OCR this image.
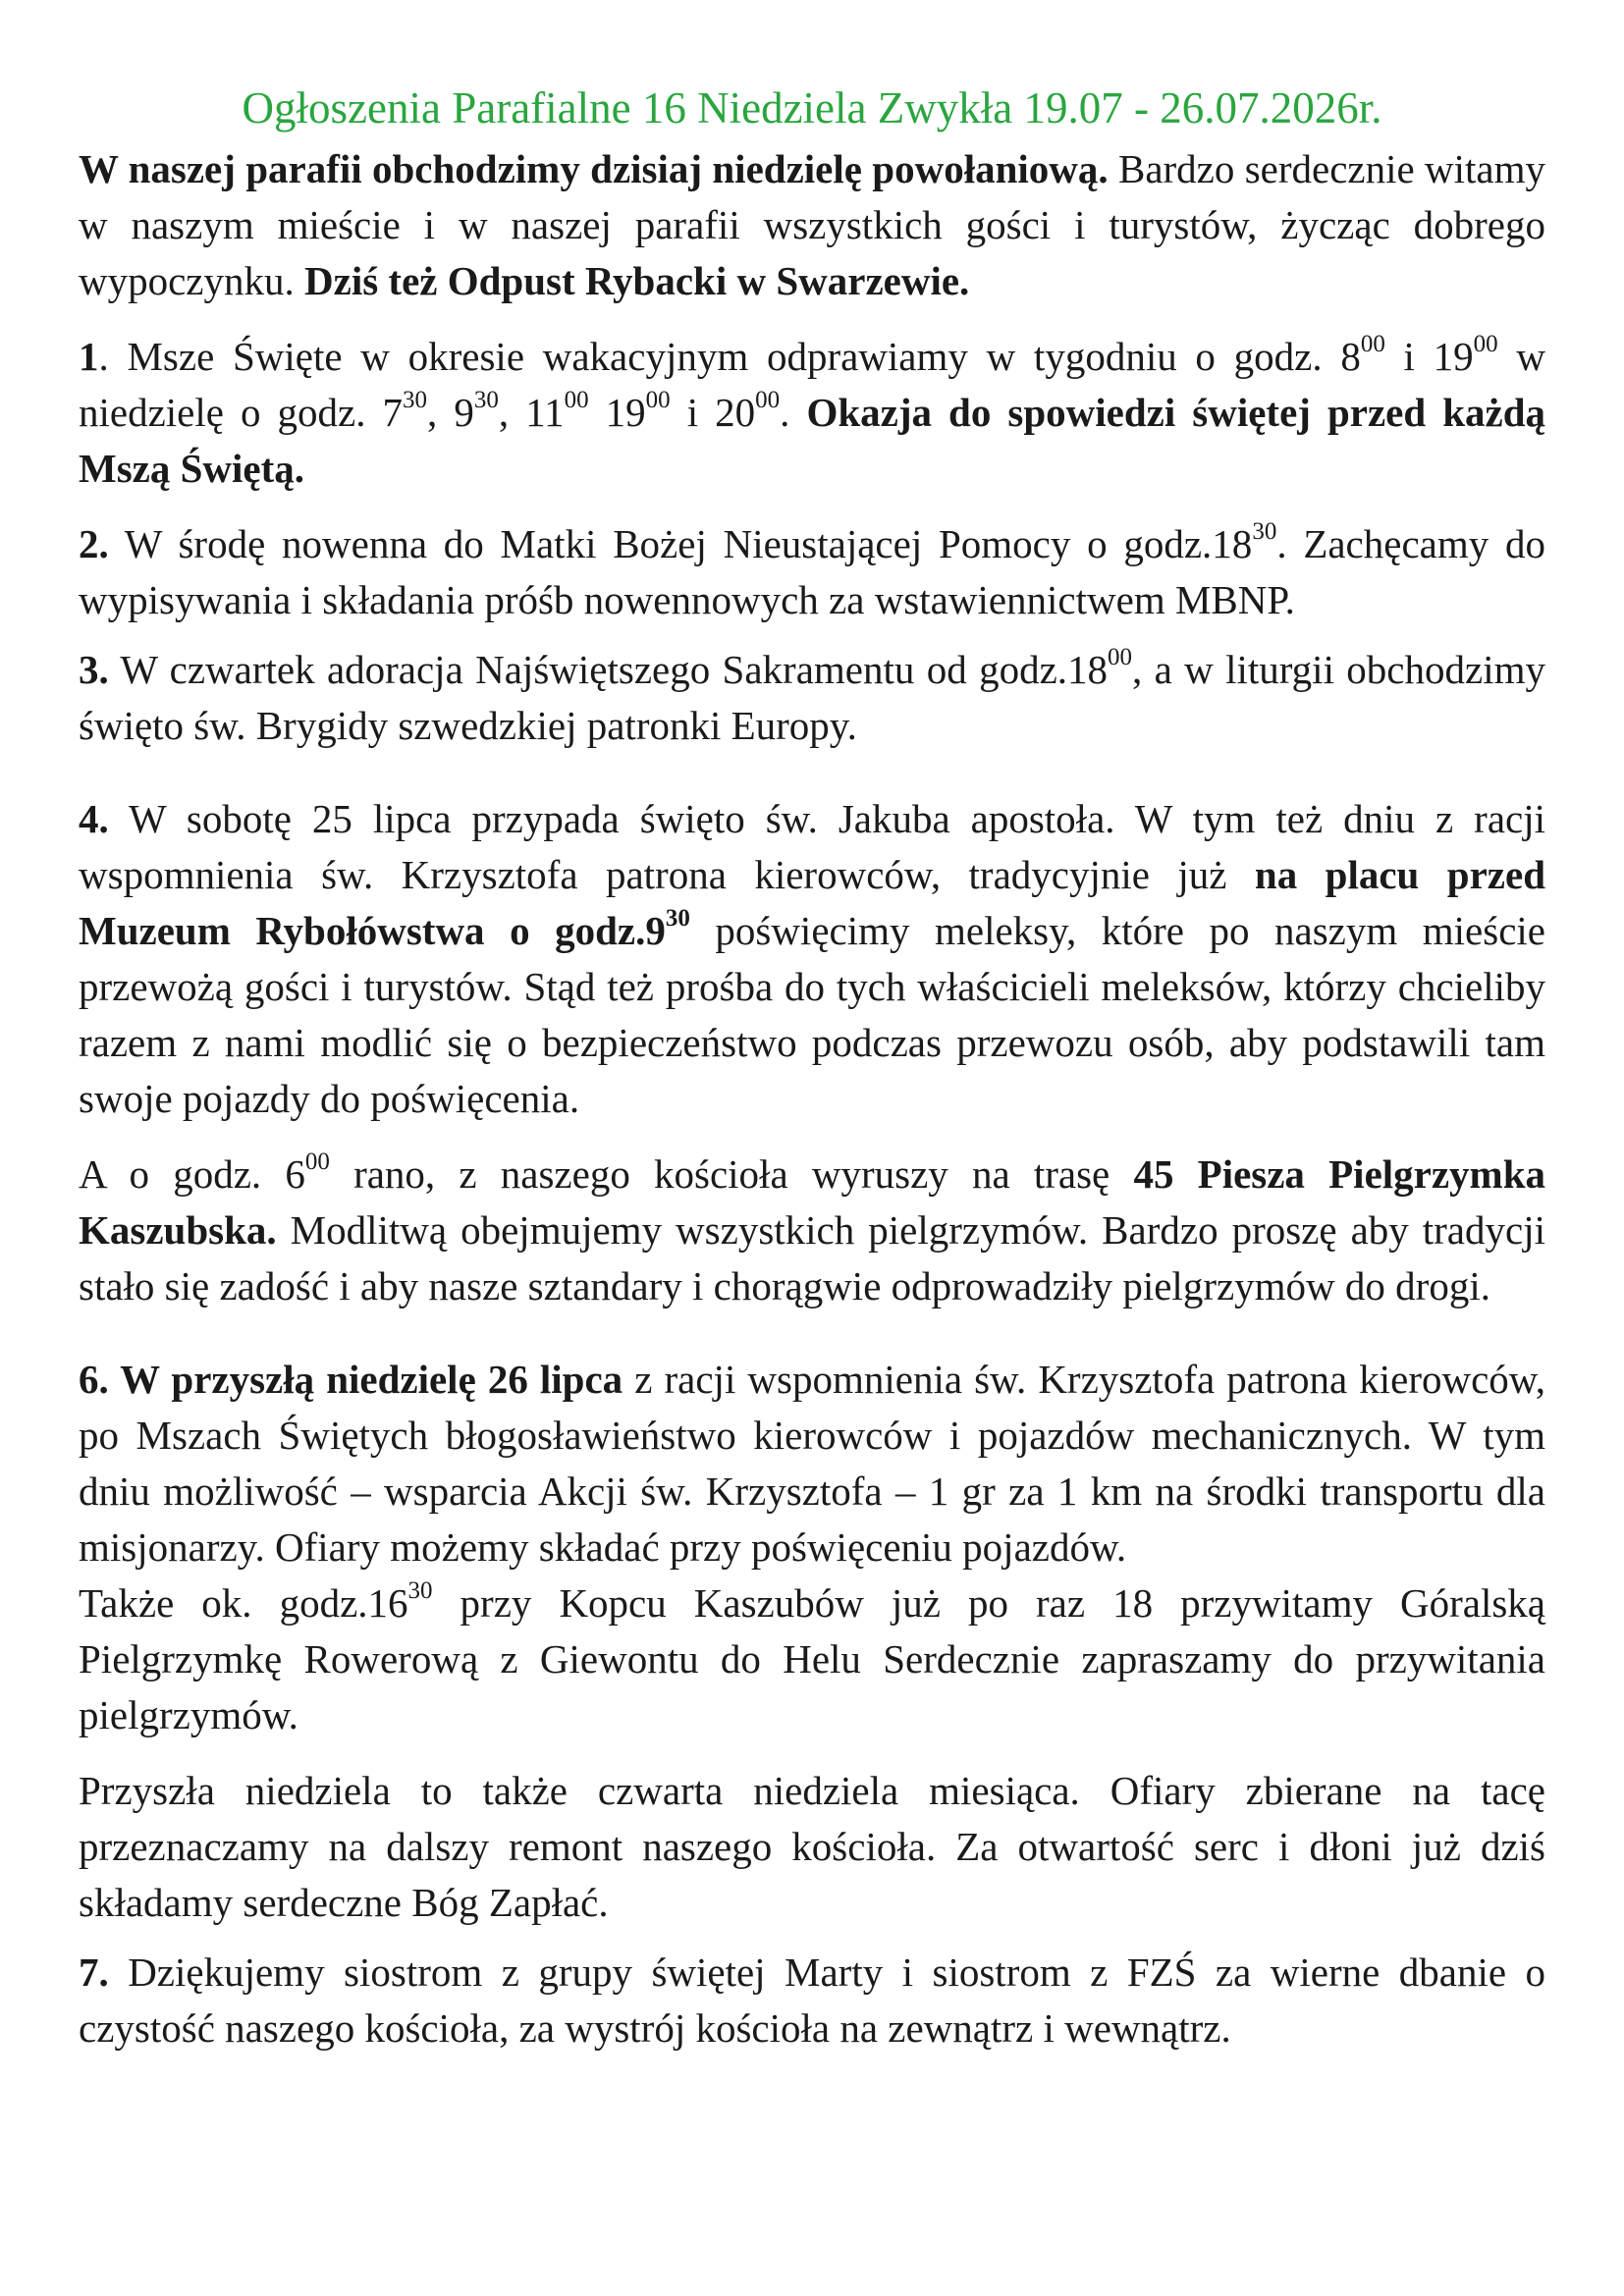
Ogłoszenia Parafialne 16 Niedziela Zwykła 19.07 - 26.07.2026r.

W naszej parafii obchodzimy dzisiaj niedzielę powołaniową. Bardzo serdecznie witamy w naszym mieście i w naszej parafii wszystkich gości i turystów, życząc dobrego wypoczynku. Dziś też Odpust Rybacki w Swarzewie.

1. Msze Święte w okresie wakacyjnym odprawiamy w tygodniu o godz. $8^{00}$ i $19^{00}$ w niedzielę o godz. $7^{30}$, $9^{30}$, $11^{00}$ $19^{00}$ i $20^{00}$. Okazja do spowiedzi świętej przed każdą Mszą Świętą.

2. W środę nowenna do Matki Bożej Nieustającej Pomocy o $godz.18^{30}$. Zachęcamy do wypisywania i składania próśb nowennowych za wstawiennictwem MBNP.

3. W czwartek adoracja Najświętszego Sakramentu od $godz.18^{00}$, a w liturgii obchodzimy święto św. Brygidy szwedzkiej patronki Europy.

4. W sobotę 25 lipca przypada święto św. Jakuba apostoła. W tym też dniu z racji wspomnienia św. Krzysztofa patrona kierowców, tradycyjnie już na placu przed Muzeum Rybołówstwa o $godz.9^{30}$ poświęcimy meleksy, które po naszym mieście przewożą gości i turystów. Stąd też prośba do tych właścicieli meleksów, którzy chcieliby razem z nami modlić się o bezpieczeństwo podczas przewozu osób, aby podstawili tam swoje pojazdy do poświęcenia.

A o godz. $6^{00}$ rano, z naszego kościoła wyruszy na trasę 45 Piesza Pielgrzymka Kaszubska. Modlitwą obejmujemy wszystkich pielgrzymów. Bardzo proszę aby tradycji stało się zadość i aby nasze sztandary i chorągwie odprowadziły pielgrzymów do drogi.

6. W przyszłą niedzielę 26 lipca z racji wspomnienia św. Krzysztofa patrona kierowców, po Mszach Świętych błogosławieństwo kierowców i pojazdów mechanicznych. W tym dniu możliwość – wsparcia Akcji św. Krzysztofa – 1 gr za 1 km na środki transportu dla misjonarzy. Ofiary możemy składać przy poświęceniu pojazdów.

Także ok. $godz.16^{30}$ przy Kopcu Kaszubów już po raz 18 przywitamy Góralską Pielgrzymkę Rowerową z Giewontu do Helu Serdecznie zapraszamy do przywitania pielgrzymów.

Przyszła niedziela to także czwarta niedziela miesiąca. Ofiary zbierane na tacę przeznaczamy na dalszy remont naszego kościoła. Za otwartość serc i dłoni już dziś składamy serdeczne Bóg Zapłać.

7. Dziękujemy siostrom z grupy świętej Marty i siostrom z FZŚ za wierne dbanie o czystość naszego kościoła, za wystrój kościoła na zewnątrz i wewnątrz.
